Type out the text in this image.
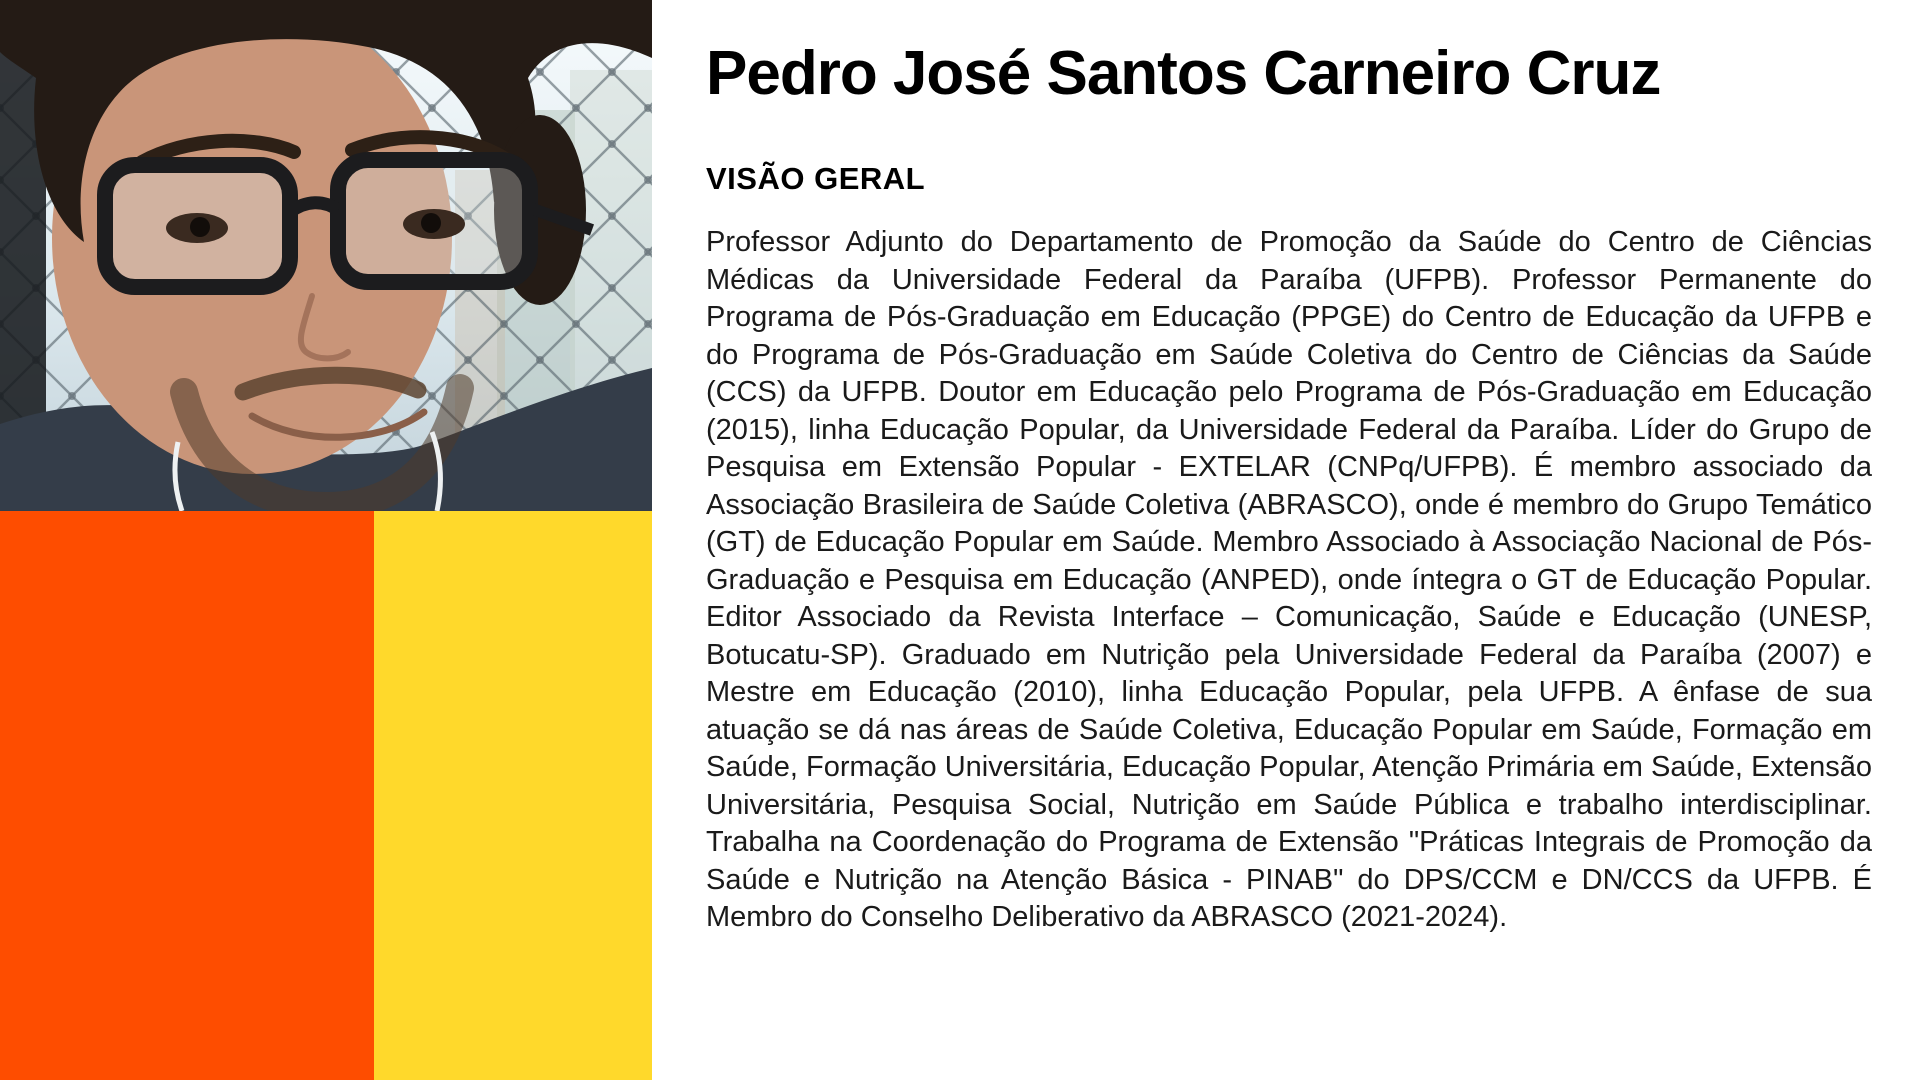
Pedro José Santos Carneiro Cruz
VISÃO GERAL

Professor Adjunto do Departamento de Promoção da Saúde do Centro de Ciências Médicas da Universidade Federal da Paraíba (UFPB). Professor Permanente do Programa de Pós-Graduação em Educação (PPGE) do Centro de Educação da UFPB e do Programa de Pós-Graduação em Saúde Coletiva do Centro de Ciências da Saúde (CCS) da UFPB. Doutor em Educação pelo Programa de Pós-Graduação em Educação (2015), linha Educação Popular, da Universidade Federal da Paraíba. Líder do Grupo de Pesquisa em Extensão Popular - EXTELAR (CNPq/UFPB). É membro associado da Associação Brasileira de Saúde Coletiva (ABRASCO), onde é membro do Grupo Temático (GT) de Educação Popular em Saúde. Membro Associado à Associação Nacional de Pós-Graduação e Pesquisa em Educação (ANPED), onde íntegra o GT de Educação Popular. Editor Associado da Revista Interface – Comunicação, Saúde e Educação (UNESP, Botucatu-SP). Graduado em Nutrição pela Universidade Federal da Paraíba (2007) e Mestre em Educação (2010), linha Educação Popular, pela UFPB. A ênfase de sua atuação se dá nas áreas de Saúde Coletiva, Educação Popular em Saúde, Formação em Saúde, Formação Universitária, Educação Popular, Atenção Primária em Saúde, Extensão Universitária, Pesquisa Social, Nutrição em Saúde Pública e trabalho interdisciplinar. Trabalha na Coordenação do Programa de Extensão "Práticas Integrais de Promoção da Saúde e Nutrição na Atenção Básica - PINAB" do DPS/CCM e DN/CCS da UFPB. É Membro do Conselho Deliberativo da ABRASCO (2021-2024).
